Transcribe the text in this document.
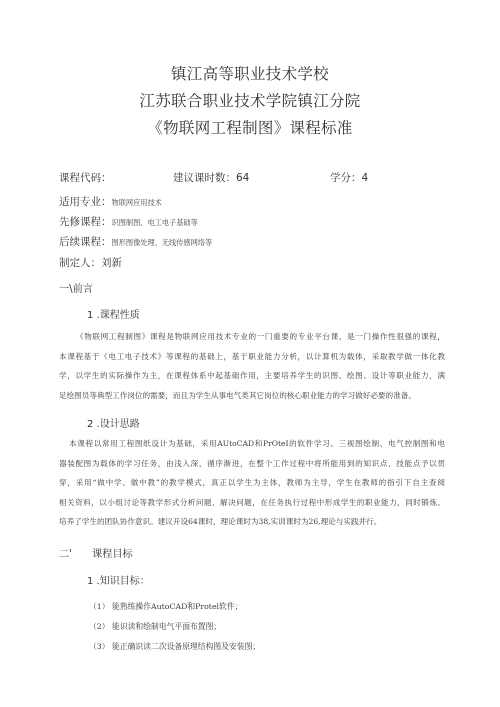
镇江高等职业技术学校
江苏联合职业技术学院镇江分院
《物联网工程制图》课程标准
课程代码：	建议课时数：64	学分：4
适用专业：物联网应用技术
先修课程：识图制图、电工电子基础等
后续课程：图形图像处理、无线传感网络等
制定人：刘新
一\前言
1 .课程性质
《物联网工程制图》课程是物联网应用技术专业的一门重要的专业平台课，是一门操作性很强的课程，
本课程基于《电工电子技术》等课程的基础上，基于职业能力分析，以计算机为载体，采取教学做一体化教
学，以学生的实际操作为主，在课程体系中起基础作用，主要培养学生的识图、绘图、设计等职业能力，满
足绘图员等典型工作岗位的需要，而且为学生从事电气类其它岗位的核心职业能力的学习做好必要的准备。
2 .设计思路
本课程以常用工程图纸设计为基础，采用AUtoCAD和PrOteI的软件学习、三视图绘制、电气控制图和电
器装配图为载体的学习任务，由浅入深，循序渐进，在整个工作过程中将所能用到的知识点、技能点予以贯
穿，采用“做中学、做中教”的教学模式，真正以学生为主体，教师为主导，学生在教师的指引下自主查阅
相关资料，以小组讨论等教学形式分析问题、解决问题，在任务执行过程中形成学生的职业能力，同时锻炼、
培养了学生的团队协作意识。建议开设64课时，理论课时为38,实训课时为26,理论与实践并行。
二' 课程目标
1 .知识目标：
（1） 能熟练操作AutoCAD和Protel软件；
（2） 能识读和绘制电气平面布置图；
（3） 能正确识读二次设备原理结构图及安装图；
